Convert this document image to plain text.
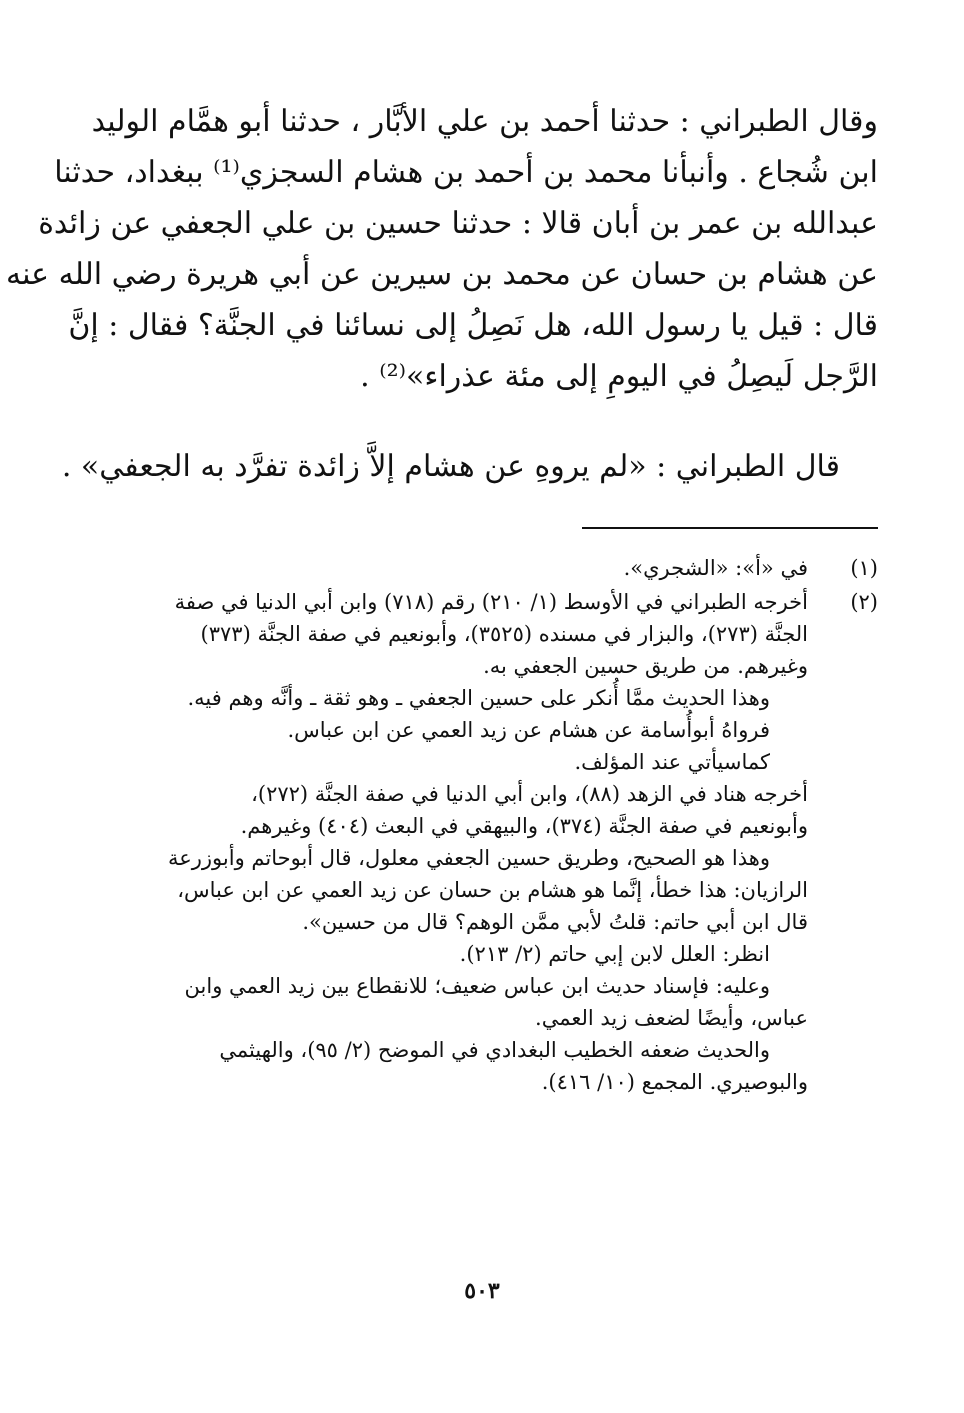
وقال الطبراني : حدثنا أحمد بن علي الأبَّار ، حدثنا أبو همَّام الوليد
ابن شُجاع . وأنبأنا محمد بن أحمد بن هشام السجزي⁽¹⁾ ببغداد، حدثنا
عبدالله بن عمر بن أبان قالا : حدثنا حسين بن علي الجعفي عن زائدة
عن هشام بن حسان عن محمد بن سيرين عن أبي هريرة رضي الله عنه
قال : قيل يا رسول الله، هل نَصِلُ إلى نسائنا في الجنَّة؟ فقال : إنَّ
الرَّجل لَيصِلُ في اليومِ إلى مئة عذراء»⁽²⁾ .
قال الطبراني : «لم يروهِ عن هشام إلاَّ زائدة تفرَّد به الجعفي» .
(١)
في «أ»: «الشجري».
(٢)
أخرجه الطبراني في الأوسط (١/ ٢١٠) رقم (٧١٨) وابن أبي الدنيا في صفة
الجنَّة (٢٧٣)، والبزار في مسنده (٣٥٢٥)، وأبونعيم في صفة الجنَّة (٣٧٣)
وغيرهم. من طريق حسين الجعفي به.
وهذا الحديث ممَّا أُنكر على حسين الجعفي ـ وهو ثقة ـ وأنَّه وهم فيه.
فرواهُ أبوأُسامة عن هشام عن زيد العمي عن ابن عباس.
كماسيأتي عند المؤلف.
أخرجه هناد في الزهد (٨٨)، وابن أبي الدنيا في صفة الجنَّة (٢٧٢)،
وأبونعيم في صفة الجنَّة (٣٧٤)، والبيهقي في البعث (٤٠٤) وغيرهم.
وهذا هو الصحيح، وطريق حسين الجعفي معلول، قال أبوحاتم وأبوزرعة
الرازيان: هذا خطأ، إنَّما هو هشام بن حسان عن زيد العمي عن ابن عباس،
قال ابن أبي حاتم: قلتُ لأبي ممَّن الوهم؟ قال من حسين».
انظر: العلل لابن إبي حاتم (٢/ ٢١٣).
وعليه: فإسناد حديث ابن عباس ضعيف؛ للانقطاع بين زيد العمي وابن
عباس، وأيضًا لضعف زيد العمي.
والحديث ضعفه الخطيب البغدادي في الموضح (٢/ ٩٥)، والهيثمي
والبوصيري. المجمع (١٠/ ٤١٦).
٥٠٣
